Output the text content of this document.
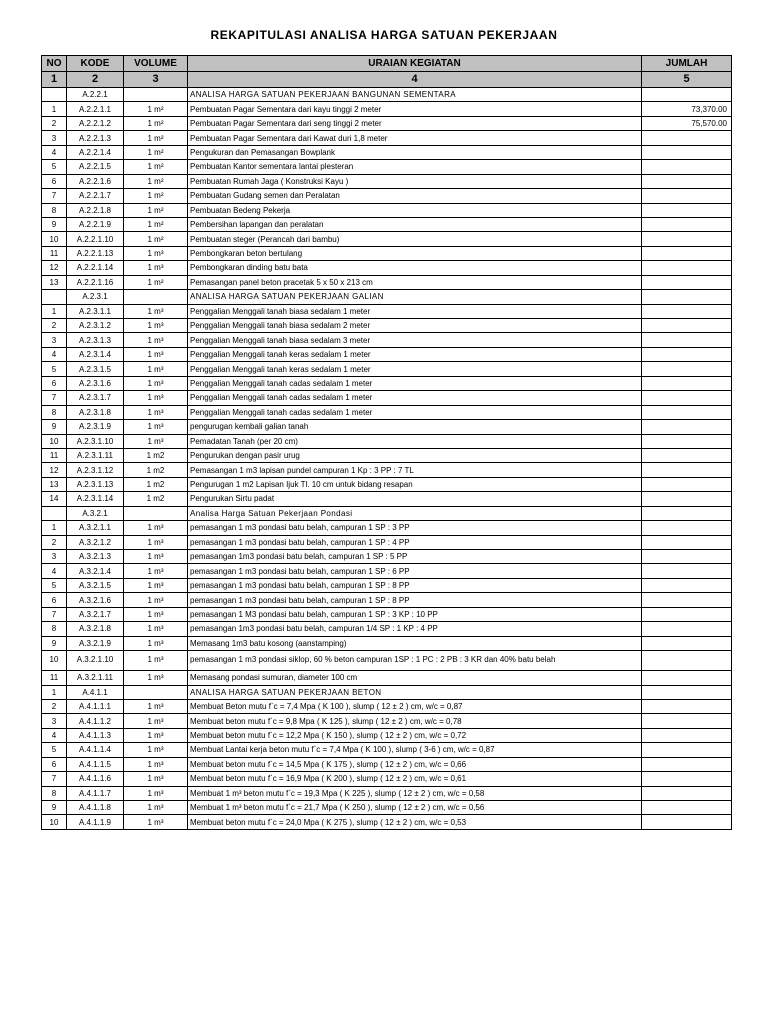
REKAPITULASI ANALISA HARGA SATUAN PEKERJAAN
NO	KODE	VOLUME	URAIAN KEGIATAN	JUMLAH
1	2	3	4	5
	A.2.2.1		ANALISA HARGA SATUAN PEKERJAAN BANGUNAN SEMENTARA	
1	A.2.2.1.1	1 m²	Pembuatan Pagar Sementara dari kayu tinggi 2 meter	73,370.00
2	A.2.2.1.2	1 m²	Pembuatan Pagar Sementara dari seng tinggi 2 meter	75,570.00
3	A.2.2.1.3	1 m²	Pembuatan Pagar Sementara dari Kawat duri 1,8 meter	
4	A.2.2.1.4	1 m²	Pengukuran dan Pemasangan Bowplank	
5	A.2.2.1.5	1 m²	Pembuatan Kantor sementara lantai plesteran	
6	A.2.2.1.6	1 m²	Pembuatan Rumah Jaga ( Konstruksi Kayu )	
7	A.2.2.1.7	1 m²	Pembuatan Gudang semen dan Peralatan	
8	A.2.2.1.8	1 m²	Pembuatan Bedeng Pekerja	
9	A.2.2.1.9	1 m²	Pembersihan lapangan dan peralatan	
10	A.2.2.1.10	1 m²	Pembuatan steger (Perancah dari bambu)	
11	A.2.2.1.13	1 m³	Pembongkaran beton bertulang	
12	A.2.2.1.14	1 m³	Pembongkaran dinding batu bata	
13	A.2.2.1.16	1 m²	Pemasangan panel beton pracetak 5 x 50 x 213 cm	
	A.2.3.1		ANALISA HARGA SATUAN PEKERJAAN GALIAN	
1	A.2.3.1.1	1 m³	Penggalian Menggali tanah biasa sedalam 1 meter	
2	A.2.3.1.2	1 m³	Penggalian Menggali tanah biasa sedalam 2 meter	
3	A.2.3.1.3	1 m³	Penggalian Menggali tanah biasa sedalam 3 meter	
4	A.2.3.1.4	1 m³	Penggalian Menggali tanah keras sedalam 1 meter	
5	A.2.3.1.5	1 m³	Penggalian Menggali tanah keras sedalam 1 meter	
6	A.2.3.1.6	1 m³	Penggalian Menggali tanah cadas sedalam 1 meter	
7	A.2.3.1.7	1 m³	Penggalian Menggali tanah cadas sedalam 1 meter	
8	A.2.3.1.8	1 m³	Penggalian Menggali tanah cadas sedalam 1 meter	
9	A.2.3.1.9	1 m³	pengurugan kembali galian tanah	
10	A.2.3.1.10	1 m³	Pemadatan Tanah (per 20 cm)	
11	A.2.3.1.11	1 m2	Pengurukan dengan pasir urug	
12	A.2.3.1.12	1 m2	Pemasangan 1 m3 lapisan pundel campuran 1 Kp : 3 PP : 7 TL	
13	A.2.3.1.13	1 m2	Pengurugan 1 m2 Lapisan Ijuk Tl. 10 cm untuk bidang resapan	
14	A.2.3.1.14	1 m2	Pengurukan Sirtu padat	
	A.3.2.1		Analisa Harga Satuan Pekerjaan Pondasi	
1	A.3.2.1.1	1 m³	pemasangan 1 m3 pondasi batu belah, campuran 1 SP : 3 PP	
2	A.3.2.1.2	1 m³	pemasangan 1 m3 pondasi batu belah, campuran 1 SP : 4 PP	
3	A.3.2.1.3	1 m³	pemasangan 1m3 pondasi batu belah, campuran 1 SP : 5 PP	
4	A.3.2.1.4	1 m³	pemasangan 1 m3 pondasi batu belah, campuran 1 SP : 6 PP	
5	A.3.2.1.5	1 m³	pemasangan 1 m3 pondasi batu belah, campuran 1 SP : 8 PP	
6	A.3.2.1.6	1 m³	pemasangan 1 m3 pondasi batu belah, campuran 1 SP : 8 PP	
7	A.3.2.1.7	1 m³	pemasangan 1 M3 pondasi batu belah, campuran 1 SP : 3 KP : 10 PP	
8	A.3.2.1.8	1 m³	pemasangan 1m3 pondasi batu belah, campuran 1/4 SP : 1 KP : 4 PP	
9	A.3.2.1.9	1 m³	Memasang 1m3 batu kosong (aanstamping)	
10	A.3.2.1.10	1 m³	pemasangan 1 m3 pondasi siklop, 60 % beton campuran 1SP : 1 PC : 2 PB : 3 KR dan 40% batu belah	
11	A.3.2.1.11	1 m³	Memasang pondasi sumuran, diameter 100 cm	
1	A.4.1.1		ANALISA HARGA SATUAN PEKERJAAN BETON	
2	A.4.1.1.1	1 m³	Membuat Beton mutu f`c = 7,4 Mpa ( K 100 ), slump ( 12 ± 2 ) cm, w/c = 0,87	
3	A.4.1.1.2	1 m³	Membuat beton mutu f`c = 9,8 Mpa ( K 125 ), slump ( 12 ± 2 ) cm, w/c = 0,78	
4	A.4.1.1.3	1 m³	Membuat beton mutu f`c = 12,2 Mpa ( K 150 ), slump ( 12 ± 2 ) cm, w/c = 0,72	
5	A.4.1.1.4	1 m³	Membuat Lantai kerja beton mutu f`c = 7,4 Mpa ( K 100 ), slump ( 3-6 ) cm, w/c = 0,87	
6	A.4.1.1.5	1 m³	Membuat beton mutu f`c = 14,5 Mpa ( K 175 ), slump ( 12 ± 2 ) cm, w/c = 0,66	
7	A.4.1.1.6	1 m³	Membuat beton mutu f`c = 16,9 Mpa ( K 200 ), slump ( 12 ± 2 ) cm, w/c = 0,61	
8	A.4.1.1.7	1 m³	Membuat 1 m³ beton mutu f`c = 19,3 Mpa ( K 225 ), slump ( 12 ± 2 ) cm, w/c = 0,58	
9	A.4.1.1.8	1 m³	Membuat 1 m³ beton mutu f`c = 21,7 Mpa ( K 250 ), slump ( 12 ± 2 ) cm, w/c = 0,56	
10	A.4.1.1.9	1 m³	Membuat beton mutu f`c = 24,0 Mpa ( K 275 ), slump ( 12 ± 2 ) cm, w/c = 0,53	
